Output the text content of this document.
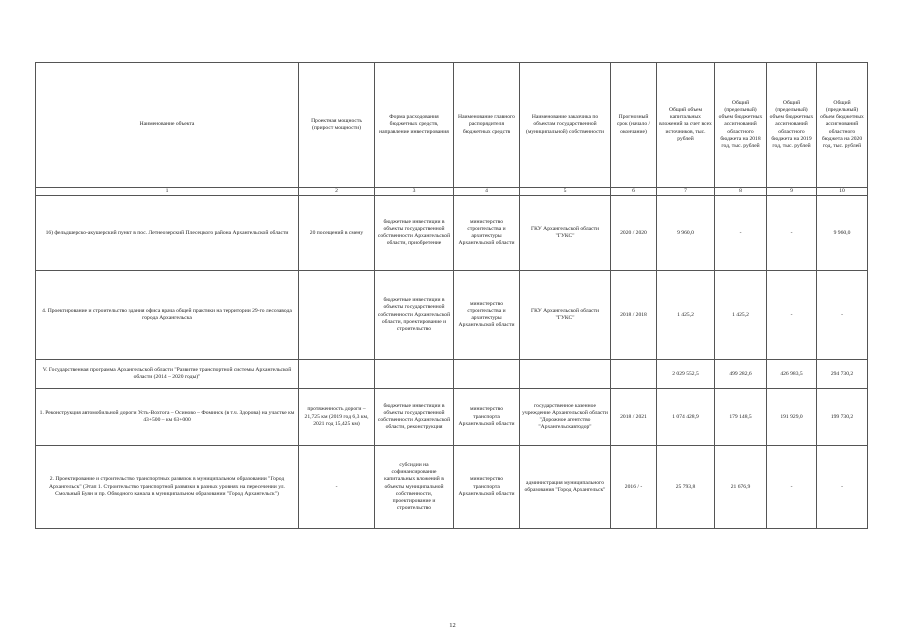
Наименование объекта	Проектная мощность (прирост мощности)	Форма расходования бюджетных средств, направление инвестирования	Наименование главного распорядителя бюджетных средств	Наименование заказчика по объектам государственной (муниципальной) собственности	Прогнозный срок (начало / окончание)	Общий объем капитальных вложений за счет всех источников, тыс. рублей	Общий (предельный) объем бюджетных ассигнований областного бюджета на 2018 год, тыс. рублей	Общий (предельный) объем бюджетных ассигнований областного бюджета на 2019 год, тыс. рублей	Общий (предельный) объем бюджетных ассигнований областного бюджета на 2020 год, тыс. рублей
1	2	3	4	5	6	7	8	9	10
16) фельдшерско-акушерский пункт в пос. Летнеозерский Плесецкого района Архангельской области	20 посещений в смену	бюджетные инвестиции в объекты государственной собственности Архангельской области, приобретение	министерство строительства и архитектуры Архангельской области	ГКУ Архангельской области "ГУКС"	2020 / 2020	9 960,0	-	-	9 960,0
4. Проектирование и строительство здания офиса врача общей практики на территории 29-го лесозавода города Архангельска		бюджетные инвестиции в объекты государственной собственности Архангельской области, проектирование и строительство	министерство строительства и архитектуры Архангельской области	ГКУ Архангельской области "ГУКС"	2018 / 2018	1 425,2	1 425,2	-	-
V. Государственная программа Архангельской области "Развитие транспортной системы Архангельской области (2014 – 2020 годы)"						2 029 552,5	499 282,6	426 983,5	294 730,2
1. Реконструкция автомобильной дороги Усть-Вохтога – Осиново – Фоминск (в т.ч. Здорова) на участке км 43+500 – км 63+000	протяженность дороги – 21,725 км (2019 год 6,3 км, 2021 год 15,425 км)	бюджетные инвестиции в объекты государственной собственности Архангельской области, реконструкция	министерство транспорта Архангельской области	государственное казенное учреждение Архангельской области "Дорожное агентство "Архангельскавтодор"	2018 / 2021	1 074 428,9	179 148,5	191 929,0	199 730,2
2. Проектирование и строительство транспортных развязок в муниципальном образовании "Город Архангельск" (Этап 1. Строительство транспортной развязки в разных уровнях на пересечении ул. Смольный Буян и пр. Обводного канала в муниципальном образовании "Город Архангельск")	-	субсидии на софинансирование капитальных вложений в объекты муниципальной собственности, проектирование и строительство	министерство транспорта Архангельской области	администрация муниципального образования "Город Архангельск"	2016 / -	25 793,8	21 676,9	-	-
12
